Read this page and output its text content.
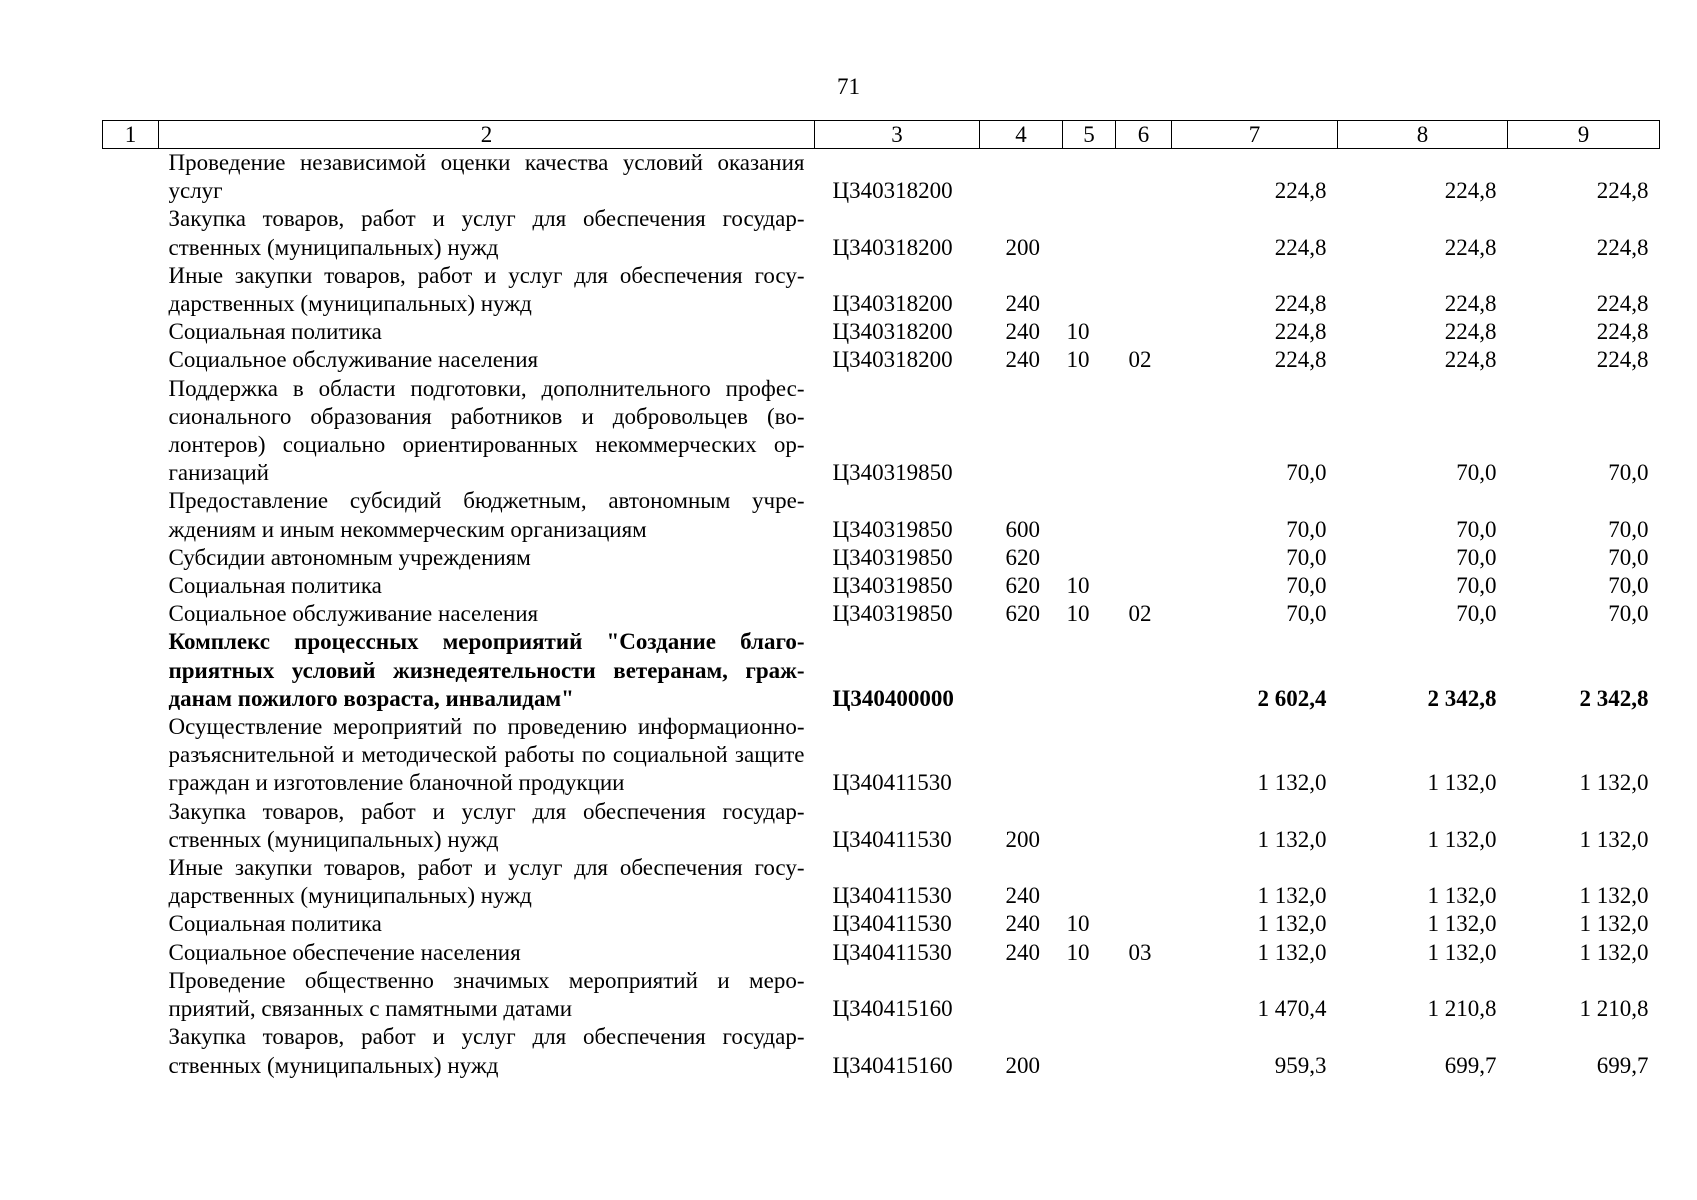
71
1	2	3	4	5	6	7	8	9
	Проведение независимой оценки качества условий оказания услуг	Ц340318200				224,8	224,8	224,8
	Закупка товаров, работ и услуг для обеспечения государственных (муниципальных) нужд	Ц340318200	200			224,8	224,8	224,8
	Иные закупки товаров, работ и услуг для обеспечения государственных (муниципальных) нужд	Ц340318200	240			224,8	224,8	224,8
	Социальная политика	Ц340318200	240	10		224,8	224,8	224,8
	Социальное обслуживание населения	Ц340318200	240	10	02	224,8	224,8	224,8
	Поддержка в области подготовки, дополнительного профессионального образования работников и добровольцев (волонтеров) социально ориентированных некоммерческих организаций	Ц340319850				70,0	70,0	70,0
	Предоставление субсидий бюджетным, автономным учреждениям и иным некоммерческим организациям	Ц340319850	600			70,0	70,0	70,0
	Субсидии автономным учреждениям	Ц340319850	620			70,0	70,0	70,0
	Социальная политика	Ц340319850	620	10		70,0	70,0	70,0
	Социальное обслуживание населения	Ц340319850	620	10	02	70,0	70,0	70,0
	Комплекс процессных мероприятий "Создание благоприятных условий жизнедеятельности ветеранам, гражданам пожилого возраста, инвалидам"	Ц340400000				2 602,4	2 342,8	2 342,8
	Осуществление мероприятий по проведению информационно-разъяснительной и методической работы по социальной защите граждан и изготовление бланочной продукции	Ц340411530				1 132,0	1 132,0	1 132,0
	Закупка товаров, работ и услуг для обеспечения государственных (муниципальных) нужд	Ц340411530	200			1 132,0	1 132,0	1 132,0
	Иные закупки товаров, работ и услуг для обеспечения государственных (муниципальных) нужд	Ц340411530	240			1 132,0	1 132,0	1 132,0
	Социальная политика	Ц340411530	240	10		1 132,0	1 132,0	1 132,0
	Социальное обеспечение населения	Ц340411530	240	10	03	1 132,0	1 132,0	1 132,0
	Проведение общественно значимых мероприятий и мероприятий, связанных с памятными датами	Ц340415160				1 470,4	1 210,8	1 210,8
	Закупка товаров, работ и услуг для обеспечения государственных (муниципальных) нужд	Ц340415160	200			959,3	699,7	699,7
